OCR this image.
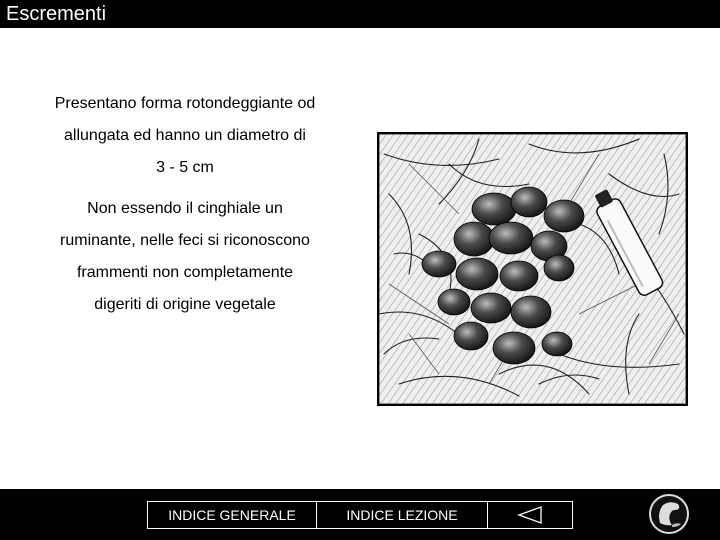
Escrementi

Presentano forma rotondeggiante od
allungata ed hanno un diametro di
3 - 5 cm

Non essendo il cinghiale un
ruminante, nelle feci si riconoscono
frammenti non completamente
digeriti di origine vegetale

INDICE GENERALE	INDICE LEZIONE
